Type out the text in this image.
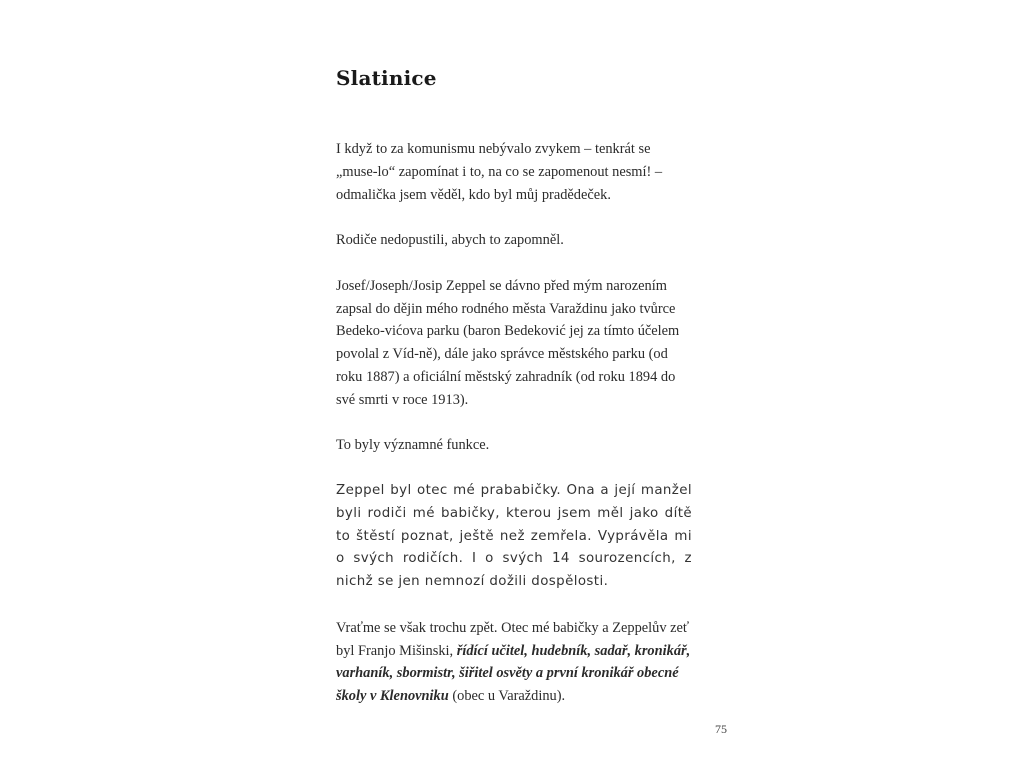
Slatinice

I když to za komunismu nebývalo zvykem – tenkrát se „muse-lo“ zapomínat i to, na co se zapomenout nesmí! – odmalička jsem věděl, kdo byl můj pradědeček.

Rodiče nedopustili, abych to zapomněl.

Josef/Joseph/Josip Zeppel se dávno před mým narozením zapsal do dějin mého rodného města Varaždinu jako tvůrce Bedeko-vićova parku (baron Bedeković jej za tímto účelem povolal z Víd-ně), dále jako správce městského parku (od roku 1887) a oficiální městský zahradník (od roku 1894 do své smrti v roce 1913).

To byly významné funkce.

Zeppel byl otec mé prababičky. Ona a její manžel byli rodiči mé babičky, kterou jsem měl jako dítě to štěstí poznat, ještě než zemřela. Vyprávěla mi o svých rodičích. I o svých 14 sourozencích, z nichž se jen nemnozí dožili dospělosti.

Vraťme se však trochu zpět. Otec mé babičky a Zeppelův zeť byl Franjo Mišinski, řídící učitel, hudebník, sadař, kronikář, varhaník, sbormistr, šiřitel osvěty a první kronikář obecné školy v Klenovniku (obec u Varaždinu).

75
